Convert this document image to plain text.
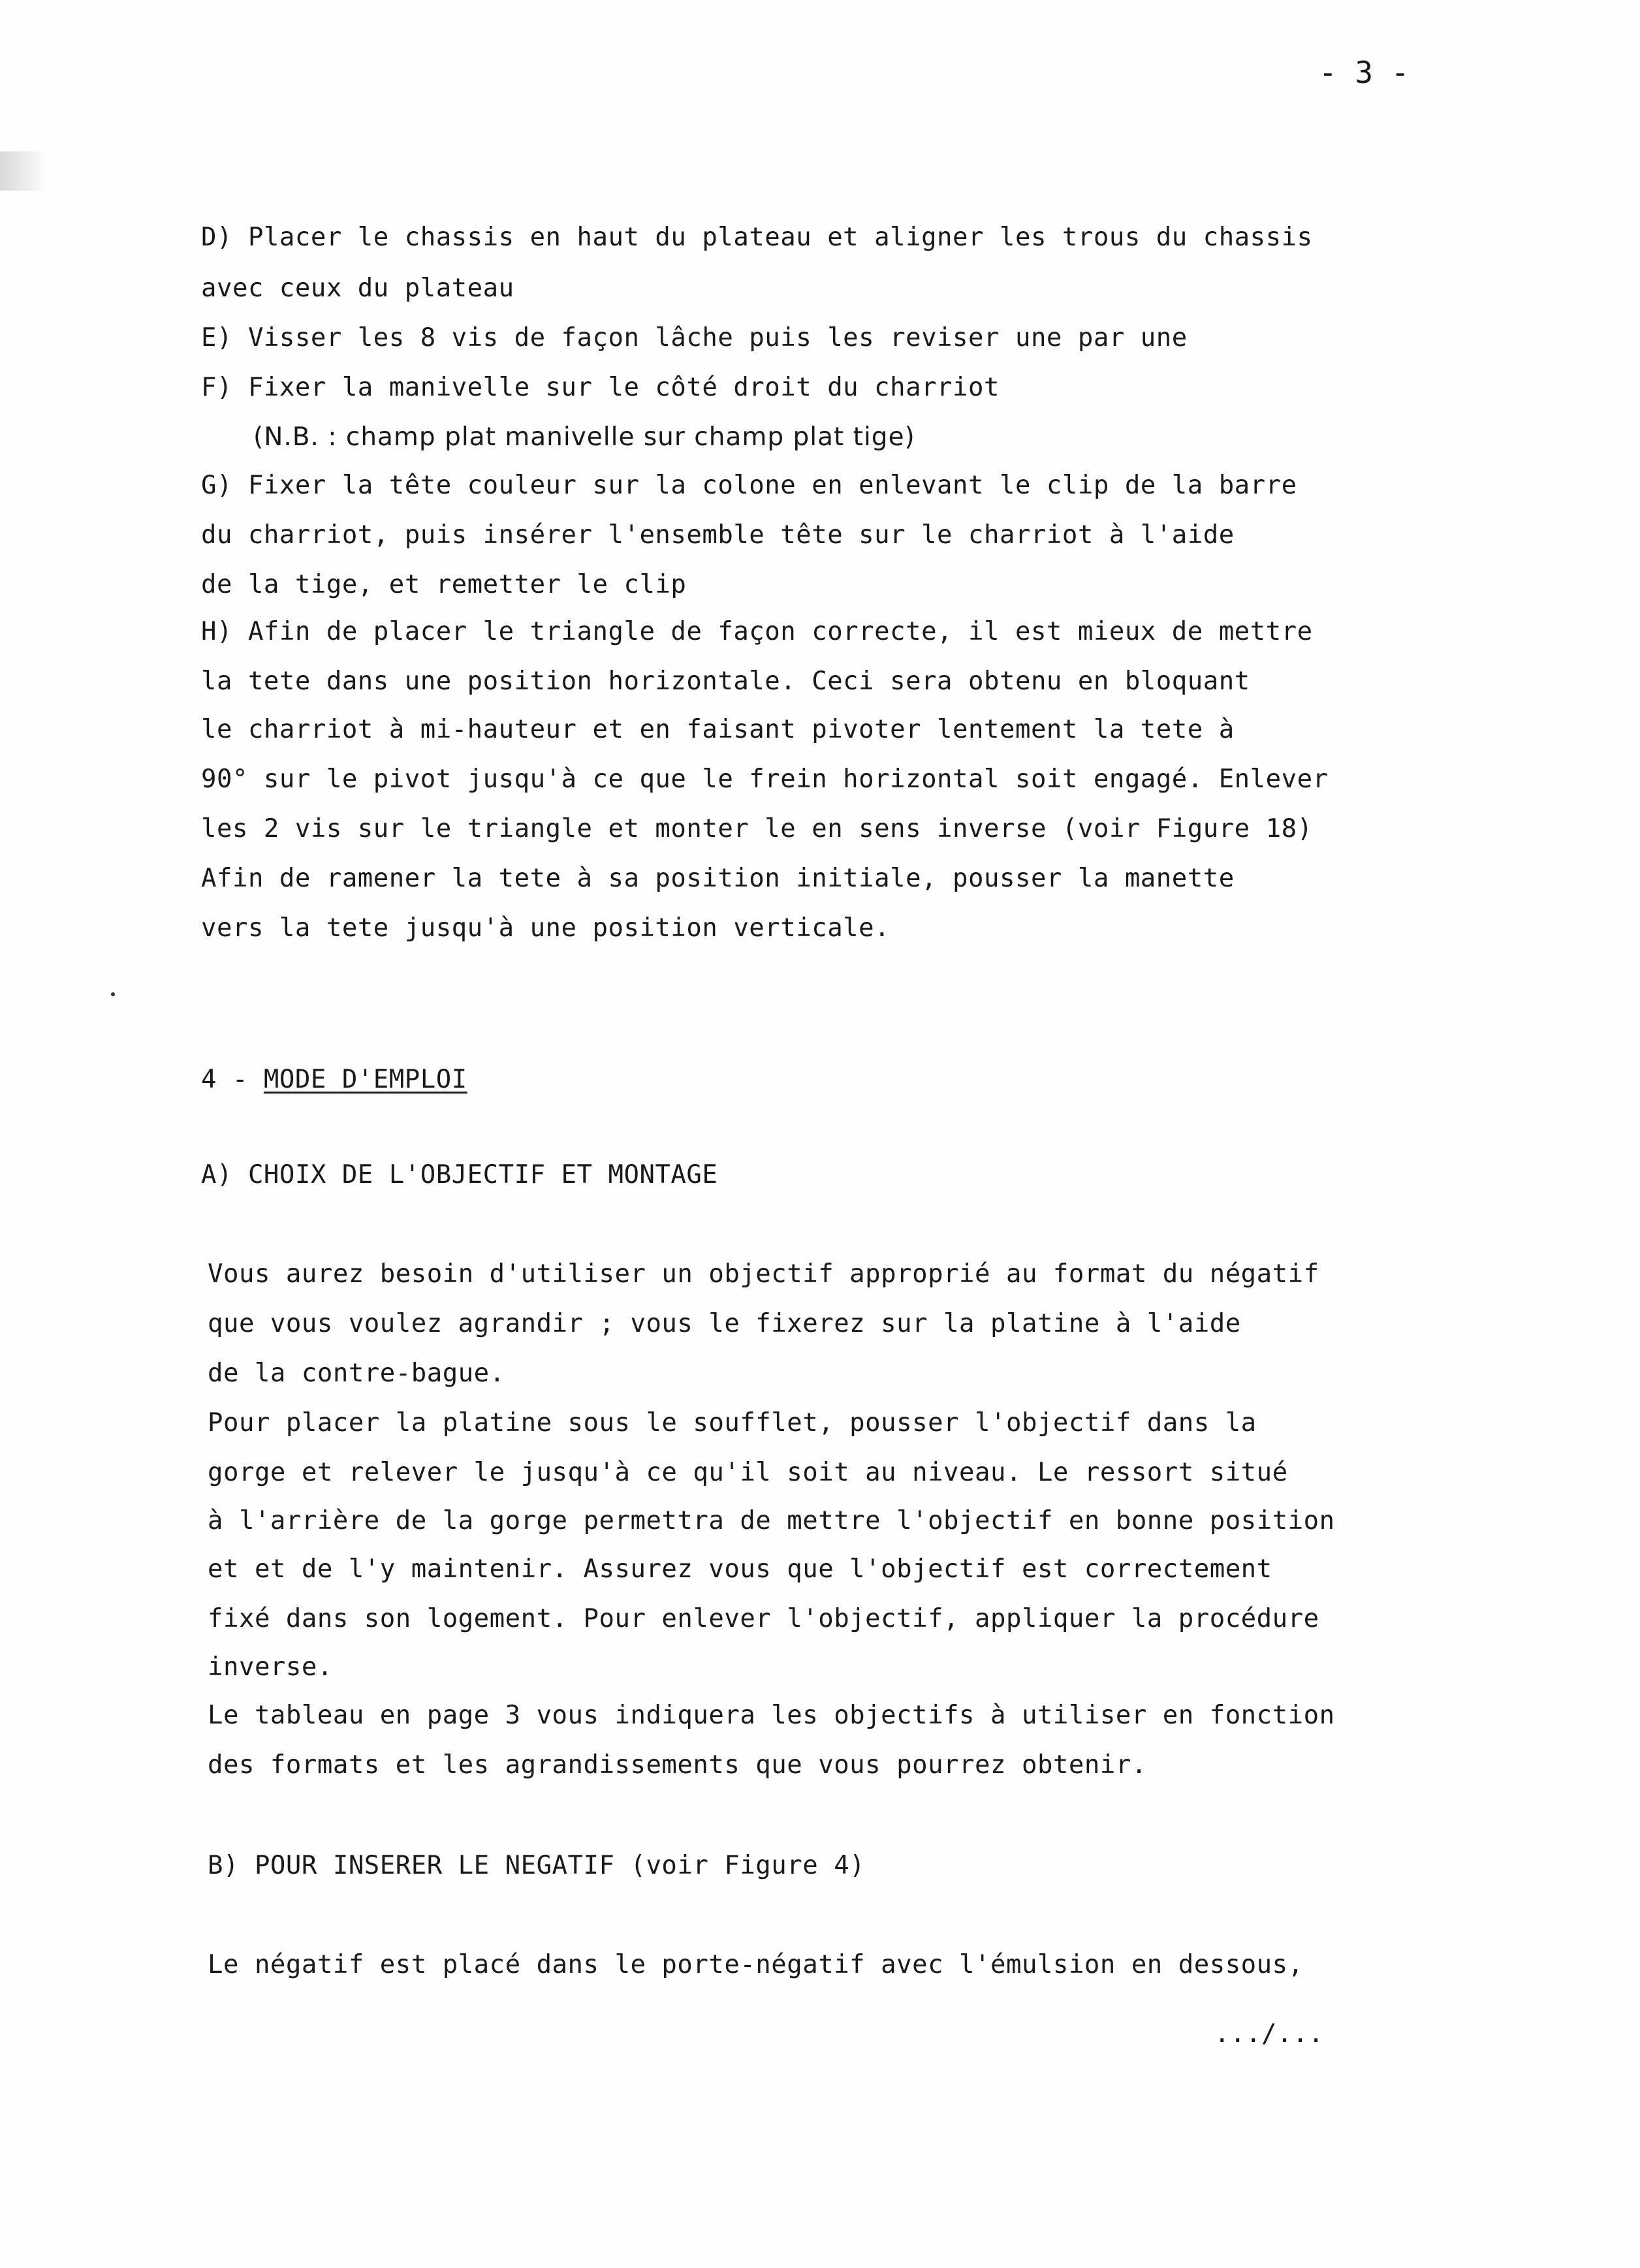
- 3 -
D) Placer le chassis en haut du plateau et aligner les trous du chassis
avec ceux du plateau
E) Visser les 8 vis de façon lâche puis les reviser une par une
F) Fixer la manivelle sur le côté droit du charriot
(N.B. : champ plat manivelle sur champ plat tige)
G) Fixer la tête couleur sur la colone en enlevant le clip de la barre
du charriot, puis insérer l'ensemble tête sur le charriot à l'aide
de la tige, et remetter le clip
H) Afin de placer le triangle de façon correcte, il est mieux de mettre
la tete dans une position horizontale. Ceci sera obtenu en bloquant
le charriot à mi-hauteur et en faisant pivoter lentement la tete à
90° sur le pivot jusqu'à ce que le frein horizontal soit engagé. Enlever
les 2 vis sur le triangle et monter le en sens inverse (voir Figure 18)
Afin de ramener la tete à sa position initiale, pousser la manette
vers la tete jusqu'à une position verticale.
4 - MODE D'EMPLOI
A) CHOIX DE L'OBJECTIF ET MONTAGE
Vous aurez besoin d'utiliser un objectif approprié au format du négatif
que vous voulez agrandir ; vous le fixerez sur la platine à l'aide
de la contre-bague.
Pour placer la platine sous le soufflet, pousser l'objectif dans la
gorge et relever le jusqu'à ce qu'il soit au niveau. Le ressort situé
à l'arrière de la gorge permettra de mettre l'objectif en bonne position
et et de l'y maintenir. Assurez vous que l'objectif est correctement
fixé dans son logement. Pour enlever l'objectif, appliquer la procédure
inverse.
Le tableau en page 3 vous indiquera les objectifs à utiliser en fonction
des formats et les agrandissements que vous pourrez obtenir.
B) POUR INSERER LE NEGATIF (voir Figure 4)
Le négatif est placé dans le porte-négatif avec l'émulsion en dessous,
.../...
